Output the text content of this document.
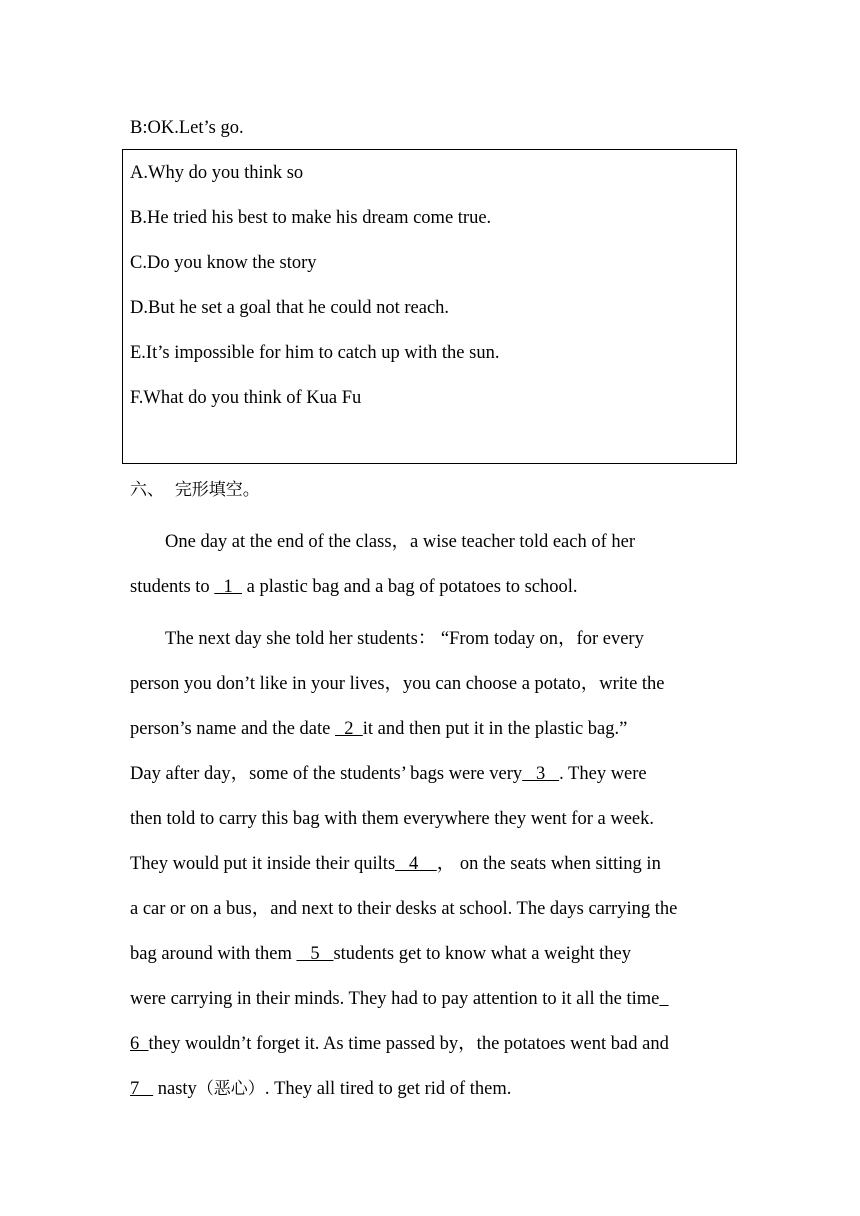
B:OK.Let’s go.
A.Why do you think so
B.He tried his best to make his dream come true.
C.Do you know the story
D.But he set a goal that he could not reach.
E.It’s impossible for him to catch up with the sun.
F.What do you think of Kua Fu
六、 完形填空。
One day at the end of the class，a wise teacher told each of her
students to   1   a plastic bag and a bag of potatoes to school.
The next day she told her students： “From today on，for every
person you don’t like in your lives，you can choose a potato，write the
person’s name and the date   2  it and then put it in the plastic bag.”
Day after day，some of the students’ bags were very   3   . They were
then told to carry this bag with them everywhere they went for a week.
They would put it inside their quilts   4    ， on the seats when sitting in
a car or on a bus，and next to their desks at school. The days carrying the
bag around with them    5   students get to know what a weight they
were carrying in their minds. They had to pay attention to it all the time
6  they wouldn’t forget it. As time passed by，the potatoes went bad and
7    nasty（恶心）. They all tired to get rid of them.
